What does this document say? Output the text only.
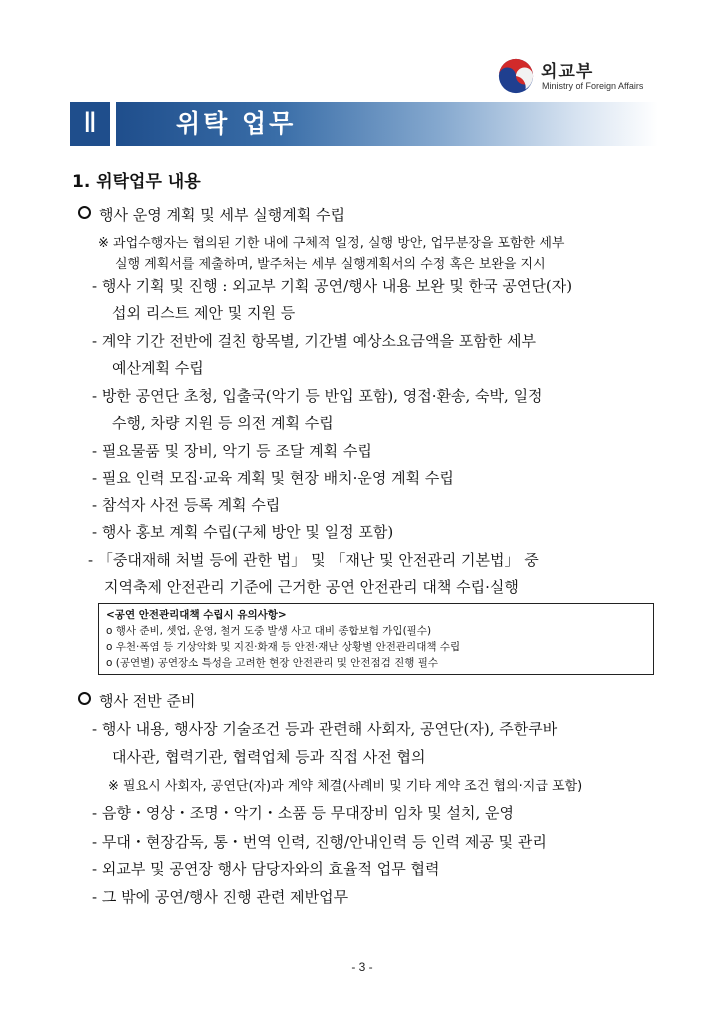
외교부
Ministry of Foreign Affairs
Ⅱ	위탁 업무
1. 위탁업무 내용
행사 운영 계획 및 세부 실행계획 수립
※ 과업수행자는 협의된 기한 내에 구체적 일정, 실행 방안, 업무분장을 포함한 세부
실행 계획서를 제출하며, 발주처는 세부 실행계획서의 수정 혹은 보완을 지시
- 행사 기획 및 진행 : 외교부 기획 공연/행사 내용 보완 및 한국 공연단(자)
섭외 리스트 제안 및 지원 등
- 계약 기간 전반에 걸친 항목별, 기간별 예상소요금액을 포함한 세부
예산계획 수립
- 방한 공연단 초청, 입출국(악기 등 반입 포함), 영접·환송, 숙박, 일정
수행, 차량 지원 등 의전 계획 수립
- 필요물품 및 장비, 악기 등 조달 계획 수립
- 필요 인력 모집·교육 계획 및 현장 배치·운영 계획 수립
- 참석자 사전 등록 계획 수립
- 행사 홍보 계획 수립(구체 방안 및 일정 포함)
- 「중대재해 처벌 등에 관한 법」 및 「재난 및 안전관리 기본법」 중
지역축제 안전관리 기준에 근거한 공연 안전관리 대책 수립·실행
<공연 안전관리대책 수립시 유의사항>
o 행사 준비, 셋업, 운영, 철거 도중 발생 사고 대비 종합보험 가입(필수)
o 우천·폭염 등 기상악화 및 지진·화재 등 안전·재난 상황별 안전관리대책 수립
o (공연별) 공연장소 특성을 고려한 현장 안전관리 및 안전점검 진행 필수
행사 전반 준비
- 행사 내용, 행사장 기술조건 등과 관련해 사회자, 공연단(자), 주한쿠바
대사관, 협력기관, 협력업체 등과 직접 사전 협의
※ 필요시 사회자, 공연단(자)과 계약 체결(사례비 및 기타 계약 조건 협의·지급 포함)
- 음향・영상・조명・악기・소품 등 무대장비 임차 및 설치, 운영
- 무대・현장감독, 통・번역 인력, 진행/안내인력 등 인력 제공 및 관리
- 외교부 및 공연장 행사 담당자와의 효율적 업무 협력
- 그 밖에 공연/행사 진행 관련 제반업무
- 3 -
